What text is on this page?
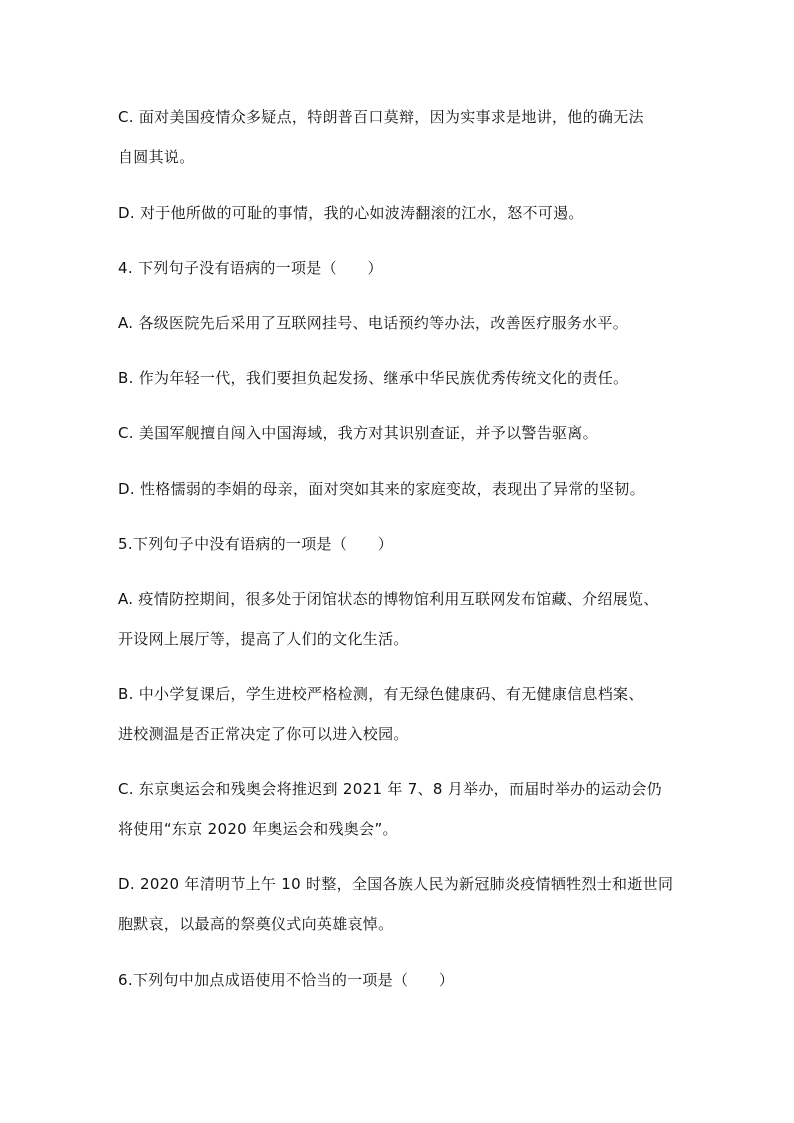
C. 面对美国疫情众多疑点，特朗普百口莫辩，因为实事求是地讲，他的确无法
自圆其说。
D. 对于他所做的可耻的事情，我的心如波涛翻滚的江水，怒不可遏。
4. 下列句子没有语病的一项是（　　）
A. 各级医院先后采用了互联网挂号、电话预约等办法，改善医疗服务水平。
B. 作为年轻一代，我们要担负起发扬、继承中华民族优秀传统文化的责任。
C. 美国军舰擅自闯入中国海域，我方对其识别查证，并予以警告驱离。
D. 性格懦弱的李娟的母亲，面对突如其来的家庭变故，表现出了异常的坚韧。
5.下列句子中没有语病的一项是（　　）
A. 疫情防控期间，很多处于闭馆状态的博物馆利用互联网发布馆藏、介绍展览、
开设网上展厅等，提高了人们的文化生活。
B. 中小学复课后，学生进校严格检测，有无绿色健康码、有无健康信息档案、
进校测温是否正常决定了你可以进入校园。
C. 东京奥运会和残奥会将推迟到 2021 年 7、8 月举办，而届时举办的运动会仍
将使用“东京 2020 年奥运会和残奥会”。
D. 2020 年清明节上午 10 时整，全国各族人民为新冠肺炎疫情牺牲烈士和逝世同
胞默哀，以最高的祭奠仪式向英雄哀悼。
6.下列句中加点成语使用不恰当的一项是（　　）
